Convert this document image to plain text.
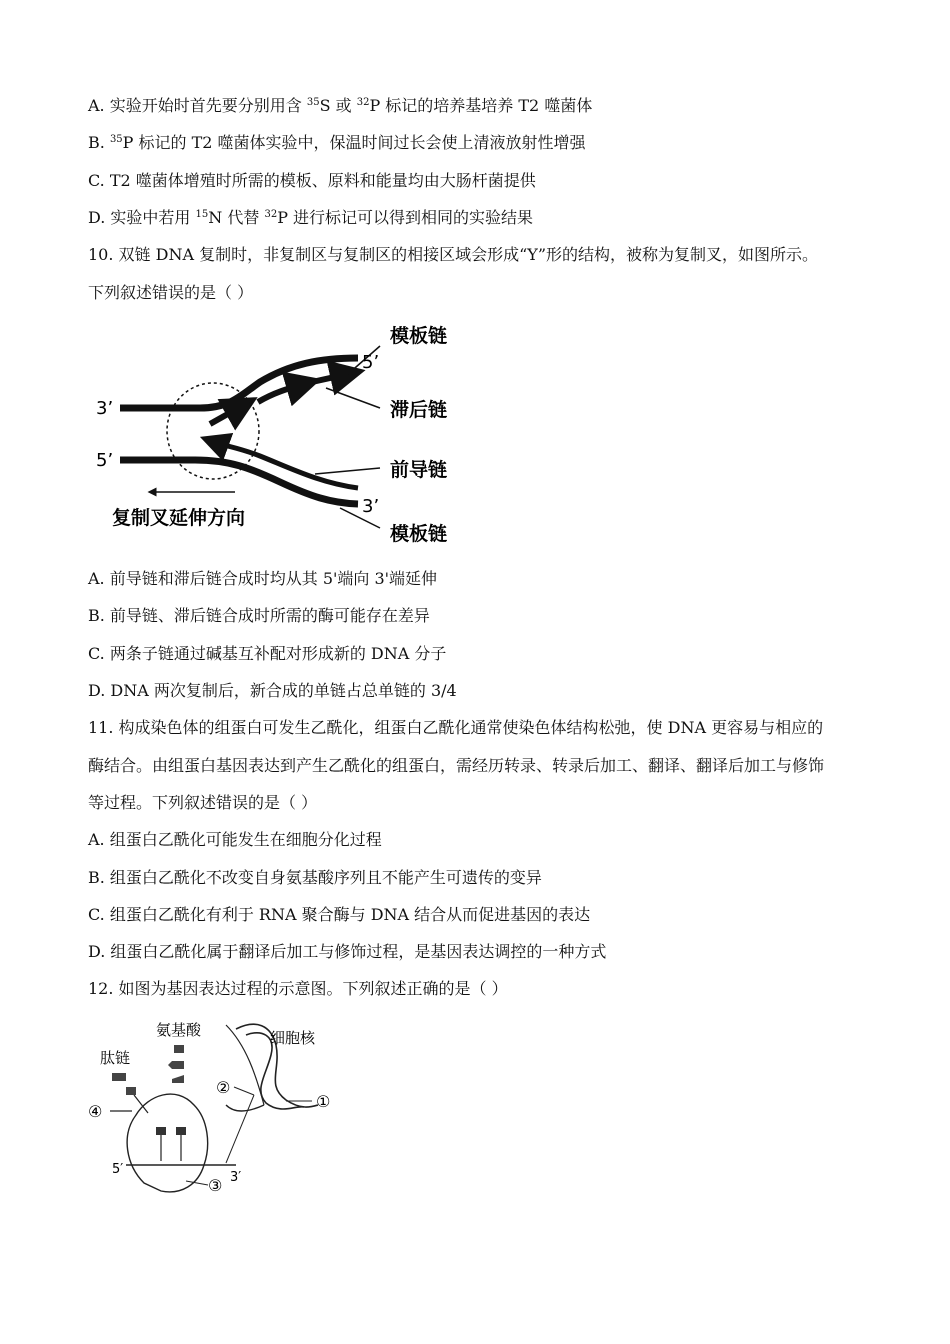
A. 实验开始时首先要分别用含 $^{35}$S 或 $^{32}$P 标记的培养基培养 T2 噬菌体
B. $^{35}$P 标记的 T2 噬菌体实验中，保温时间过长会使上清液放射性增强
C. T2 噬菌体增殖时所需的模板、原料和能量均由大肠杆菌提供
D. 实验中若用 $^{15}$N 代替 $^{32}$P 进行标记可以得到相同的实验结果
10. 双链 DNA 复制时，非复制区与复制区的相接区域会形成“Y”形的结构，被称为复制叉，如图所示。
下列叙述错误的是（ ）
3’
5’
5’
3’
模板链
滞后链
前导链
模板链
复制叉延伸方向
A. 前导链和滞后链合成时均从其 5'端向 3'端延伸
B. 前导链、滞后链合成时所需的酶可能存在差异
C. 两条子链通过碱基互补配对形成新的 DNA 分子
D. DNA 两次复制后，新合成的单链占总单链的 3/4
11. 构成染色体的组蛋白可发生乙酰化，组蛋白乙酰化通常使染色体结构松弛，使 DNA 更容易与相应的
酶结合。由组蛋白基因表达到产生乙酰化的组蛋白，需经历转录、转录后加工、翻译、翻译后加工与修饰
等过程。下列叙述错误的是（ ）
A. 组蛋白乙酰化可能发生在细胞分化过程
B. 组蛋白乙酰化不改变自身氨基酸序列且不能产生可遗传的变异
C. 组蛋白乙酰化有利于 RNA 聚合酶与 DNA 结合从而促进基因的表达
D. 组蛋白乙酰化属于翻译后加工与修饰过程，是基因表达调控的一种方式
12. 如图为基因表达过程的示意图。下列叙述正确的是（ ）
氨基酸	细胞核
肽链
②
①
④
③
5′
3′
